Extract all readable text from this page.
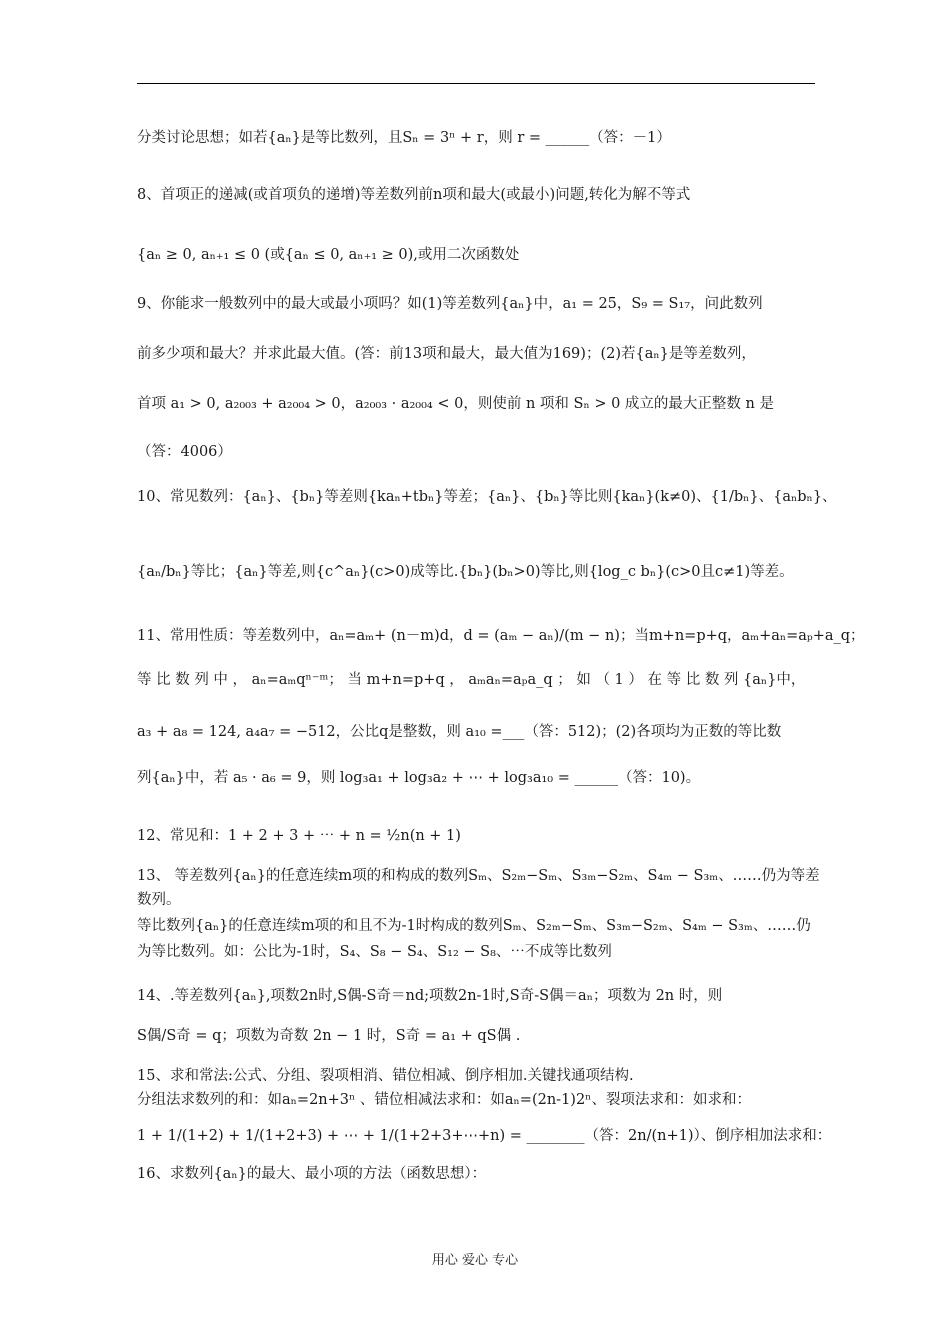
分类讨论思想；如若{aₙ}是等比数列，且Sₙ = 3ⁿ + r，则 r = ______（答：－1）
8、首项正的递减(或首项负的递增)等差数列前n项和最大(或最小)问题,转化为解不等式
{aₙ ≥ 0, aₙ₊₁ ≤ 0 (或{aₙ ≤ 0, aₙ₊₁ ≥ 0),或用二次函数处
9、你能求一般数列中的最大或最小项吗？如(1)等差数列{aₙ}中，a₁ = 25，S₉ = S₁₇，问此数列
前多少项和最大？并求此最大值。(答：前13项和最大，最大值为169)；(2)若{aₙ}是等差数列，
首项 a₁ > 0, a₂₀₀₃ + a₂₀₀₄ > 0，a₂₀₀₃ · a₂₀₀₄ < 0，则使前 n 项和 Sₙ > 0 成立的最大正整数 n 是
（答：4006）
10、常见数列：{aₙ}、{bₙ}等差则{kaₙ+tbₙ}等差；{aₙ}、{bₙ}等比则{kaₙ}(k≠0)、{1/bₙ}、{aₙbₙ}、
{aₙ/bₙ}等比；{aₙ}等差,则{c^aₙ}(c>0)成等比.{bₙ}(bₙ>0)等比,则{log_c bₙ}(c>0且c≠1)等差。
11、常用性质：等差数列中，aₙ=aₘ+ (n－m)d，d = (aₘ − aₙ)/(m − n)；当m+n=p+q，aₘ+aₙ=aₚ+a_q；
等 比 数 列 中 ， aₙ=aₘqⁿ⁻ᵐ； 当 m+n=p+q ， aₘaₙ=aₚa_q ； 如 （ 1 ） 在 等 比 数 列 {aₙ}中，
a₃ + a₈ = 124, a₄a₇ = −512，公比q是整数，则 a₁₀ =___（答：512)；(2)各项均为正数的等比数
列{aₙ}中，若 a₅ · a₆ = 9，则 log₃a₁ + log₃a₂ + ⋯ + log₃a₁₀ = ______（答：10)。
12、常见和：1 + 2 + 3 + ⋯ + n = ½n(n + 1)
13、 等差数列{aₙ}的任意连续m项的和构成的数列Sₘ、S₂ₘ−Sₘ、S₃ₘ−S₂ₘ、S₄ₘ − S₃ₘ、……仍为等差
数列。
等比数列{aₙ}的任意连续m项的和且不为-1时构成的数列Sₘ、S₂ₘ−Sₘ、S₃ₘ−S₂ₘ、S₄ₘ − S₃ₘ、……仍
为等比数列。如：公比为-1时，S₄、S₈ − S₄、S₁₂ − S₈、⋯不成等比数列
14、.等差数列{aₙ},项数2n时,S偶-S奇＝nd;项数2n-1时,S奇-S偶＝aₙ；项数为 2n 时，则
S偶/S奇 = q；项数为奇数 2n − 1 时，S奇 = a₁ + qS偶 .
15、求和常法:公式、分组、裂项相消、错位相减、倒序相加.关键找通项结构.
分组法求数列的和：如aₙ=2n+3ⁿ 、错位相减法求和：如aₙ=(2n-1)2ⁿ、裂项法求和：如求和：
1 + 1/(1+2) + 1/(1+2+3) + ⋯ + 1/(1+2+3+⋯+n) = ________（答：2n/(n+1)）、倒序相加法求和：
16、求数列{aₙ}的最大、最小项的方法（函数思想）：
用心 爱心 专心
